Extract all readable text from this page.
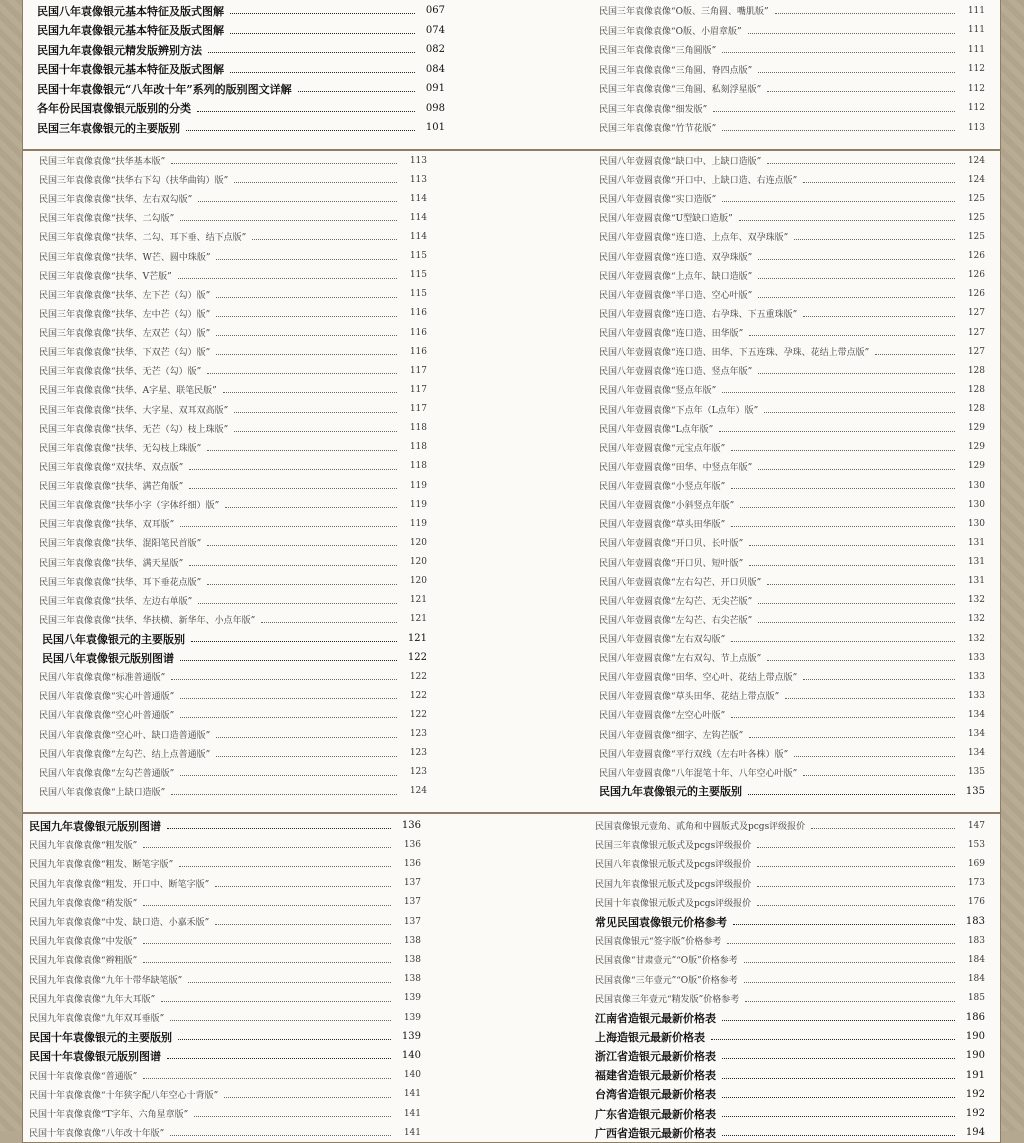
民国八年袁像银元基本特征及版式图解	067
民国九年袁像银元基本特征及版式图解	074
民国九年袁像银元精发版辨别方法	082
民国十年袁像银元基本特征及版式图解	084
民国十年袁像银元“八年改十年”系列的版别图文详解	091
各年份民国袁像银元版别的分类	098
民国三年袁像银元的主要版别	101
民国三年袁像袁像“O版、三角圆、嘴肌版”	111
民国三年袁像袁像“O版、小眉章版”	111
民国三年袁像袁像“三角圆版”	111
民国三年袁像袁像“三角圆、脊四点版”	112
民国三年袁像袁像“三角圆、私刻浮星版”	112
民国三年袁像袁像“细发版”	112
民国三年袁像袁像“竹节花版”	113
民国三年袁像袁像“扶华基本版”	113
民国三年袁像袁像“扶华右下勾（扶华曲钩）版”	113
民国三年袁像袁像“扶华、左右双勾版”	114
民国三年袁像袁像“扶华、二勾版”	114
民国三年袁像袁像“扶华、二勾、耳下垂、结下点版”	114
民国三年袁像袁像“扶华、W芒、圆中珠版”	115
民国三年袁像袁像“扶华、V芒版”	115
民国三年袁像袁像“扶华、左下芒（勾）版”	115
民国三年袁像袁像“扶华、左中芒（勾）版”	116
民国三年袁像袁像“扶华、左双芒（勾）版”	116
民国三年袁像袁像“扶华、下双芒（勾）版”	116
民国三年袁像袁像“扶华、无芒（勾）版”	117
民国三年袁像袁像“扶华、A字星、联笔民版”	117
民国三年袁像袁像“扶华、大字星、双耳双高版”	117
民国三年袁像袁像“扶华、无芒（勾）枝上珠版”	118
民国三年袁像袁像“扶华、无勾枝上珠版”	118
民国三年袁像袁像“双扶华、双点版”	118
民国三年袁像袁像“扶华、满芒角版”	119
民国三年袁像袁像“扶华小字（字体纤细）版”	119
民国三年袁像袁像“扶华、双耳版”	119
民国三年袁像袁像“扶华、混阳笔民首版”	120
民国三年袁像袁像“扶华、满天星版”	120
民国三年袁像袁像“扶华、耳下垂花点版”	120
民国三年袁像袁像“扶华、左边右单版”	121
民国三年袁像袁像“扶华、华扶横、新华年、小点年版”	121
民国八年袁像银元的主要版别	121
民国八年袁像银元版别图谱	122
民国八年袁像袁像“标准普通版”	122
民国八年袁像袁像“实心叶普通版”	122
民国八年袁像袁像“空心叶普通版”	122
民国八年袁像袁像“空心叶、缺口造普通版”	123
民国八年袁像袁像“左勾芒、结上点普通版”	123
民国八年袁像袁像“左勾芒普通版”	123
民国八年袁像袁像“上缺口造版”	124
民国八年壹圆袁像“缺口中、上缺口造版”	124
民国八年壹圆袁像“开口中、上缺口造、右连点版”	124
民国八年壹圆袁像“实口造版”	125
民国八年壹圆袁像“U型缺口造版”	125
民国八年壹圆袁像“连口造、上点年、双孕珠版”	125
民国八年壹圆袁像“连口造、双孕珠版”	126
民国八年壹圆袁像“上点年、缺口造版”	126
民国八年壹圆袁像“半口造、空心叶版”	126
民国八年壹圆袁像“连口造、右孕珠、下五重珠版”	127
民国八年壹圆袁像“连口造、田华版”	127
民国八年壹圆袁像“连口造、田华、下五连珠、孕珠、花结上带点版”	127
民国八年壹圆袁像“连口造、竖点年版”	128
民国八年壹圆袁像“竖点年版”	128
民国八年壹圆袁像“下点年（L点年）版”	128
民国八年壹圆袁像“L点年版”	129
民国八年壹圆袁像“元宝点年版”	129
民国八年壹圆袁像“田华、中竖点年版”	129
民国八年壹圆袁像“小竖点年版”	130
民国八年壹圆袁像“小斜竖点年版”	130
民国八年壹圆袁像“草头田华版”	130
民国八年壹圆袁像“开口贝、长叶版”	131
民国八年壹圆袁像“开口贝、短叶版”	131
民国八年壹圆袁像“左右勾芒、开口贝版”	131
民国八年壹圆袁像“左勾芒、无尖芒版”	132
民国八年壹圆袁像“左勾芒、右尖芒版”	132
民国八年壹圆袁像“左右双勾版”	132
民国八年壹圆袁像“左右双勾、节上点版”	133
民国八年壹圆袁像“田华、空心叶、花结上带点版”	133
民国八年壹圆袁像“草头田华、花结上带点版”	133
民国八年壹圆袁像“左空心叶版”	134
民国八年壹圆袁像“细字、左钩芒版”	134
民国八年壹圆袁像“平行双线（左右叶各株）版”	134
民国八年壹圆袁像“八年混笔十年、八年空心叶版”	135
民国九年袁像银元的主要版别	135
民国九年袁像银元版别图谱	136
民国九年袁像袁像“粗发版”	136
民国九年袁像袁像“粗发、断笔字版”	136
民国九年袁像袁像“粗发、开口中、断笔字版”	137
民国九年袁像袁像“稍发版”	137
民国九年袁像袁像“中发、缺口造、小嘉禾版”	137
民国九年袁像袁像“中发版”	138
民国九年袁像袁像“辫粗版”	138
民国九年袁像袁像“九年十带华缺笔版”	138
民国九年袁像袁像“九年大耳版”	139
民国九年袁像袁像“九年双耳垂版”	139
民国十年袁像银元的主要版别	139
民国十年袁像银元版别图谱	140
民国十年袁像袁像“普通版”	140
民国十年袁像袁像“十年狭字配八年空心十背版”	141
民国十年袁像袁像“T字年、六角星章版”	141
民国十年袁像袁像“八年改十年版”	141
民国袁像银元壹角、贰角和中圆版式及pcgs评级报价	147
民国三年袁像银元版式及pcgs评级报价	153
民国八年袁像银元版式及pcgs评级报价	169
民国九年袁像银元版式及pcgs评级报价	173
民国十年袁像银元版式及pcgs评级报价	176
常见民国袁像银元价格参考	183
民国袁像银元“签字版”价格参考	183
民国袁像“甘肃壹元”“O版”价格参考	184
民国袁像“三年壹元”“O版”价格参考	184
民国袁像三年壹元“精发版”价格参考	185
江南省造银元最新价格表	186
上海造银元最新价格表	190
浙江省造银元最新价格表	190
福建省造银元最新价格表	191
台湾省造银元最新价格表	192
广东省造银元最新价格表	192
广西省造银元最新价格表	194
